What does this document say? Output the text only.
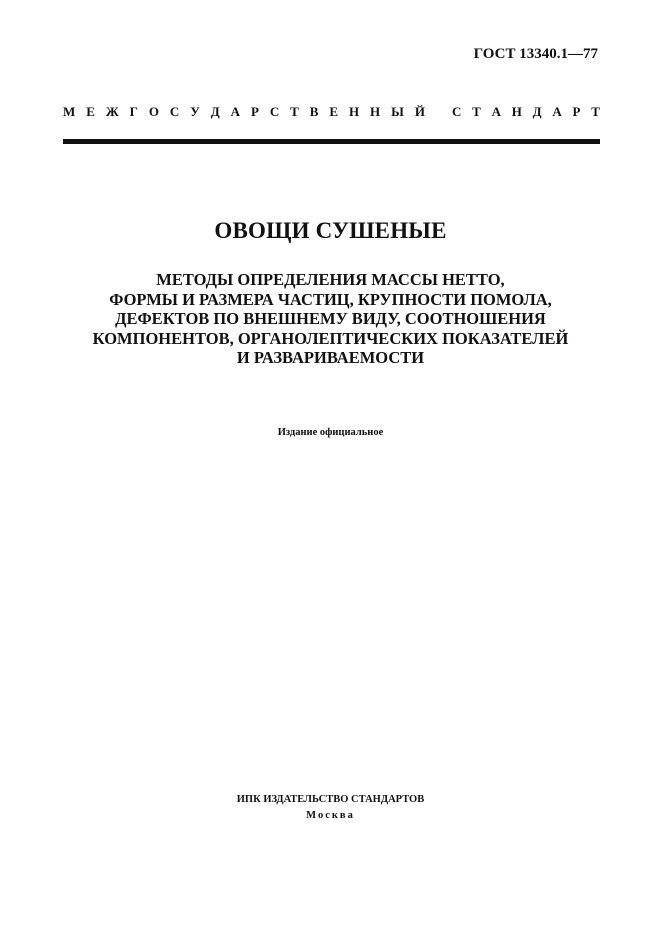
ГОСТ 13340.1—77
М Е Ж Г О С У Д А Р С Т В Е Н Н Ы Й С Т А Н Д А Р Т
ОВОЩИ СУШЕНЫЕ
МЕТОДЫ ОПРЕДЕЛЕНИЯ МАССЫ НЕТТО,
ФОРМЫ И РАЗМЕРА ЧАСТИЦ, КРУПНОСТИ ПОМОЛА,
ДЕФЕКТОВ ПО ВНЕШНЕМУ ВИДУ, СООТНОШЕНИЯ
КОМПОНЕНТОВ, ОРГАНОЛЕПТИЧЕСКИХ ПОКАЗАТЕЛЕЙ
И РАЗВАРИВАЕМОСТИ
Издание официальное
ИПК ИЗДАТЕЛЬСТВО СТАНДАРТОВ
Москва
